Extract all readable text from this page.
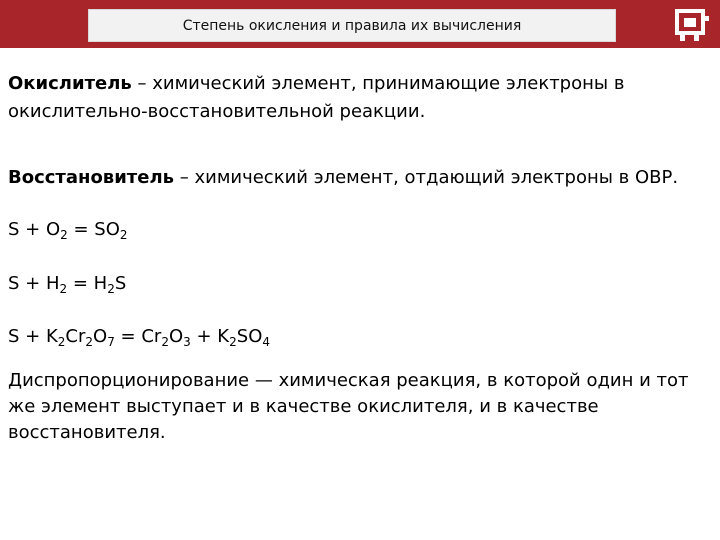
Степень окисления и правила их вычисления

Окислитель – химический элемент, принимающие электроны в окислительно-восстановительной реакции.

Восстановитель – химический элемент, отдающий электроны в ОВР.

$S + O_2 = SO_2$
$S + H_2 = H_2S$
$S + K_2Cr_2O_7 = Cr_2O_3 + K_2SO_4$

Диспропорционирование — химическая реакция, в которой один и тот же элемент выступает и в качестве окислителя, и в качестве восстановителя.
